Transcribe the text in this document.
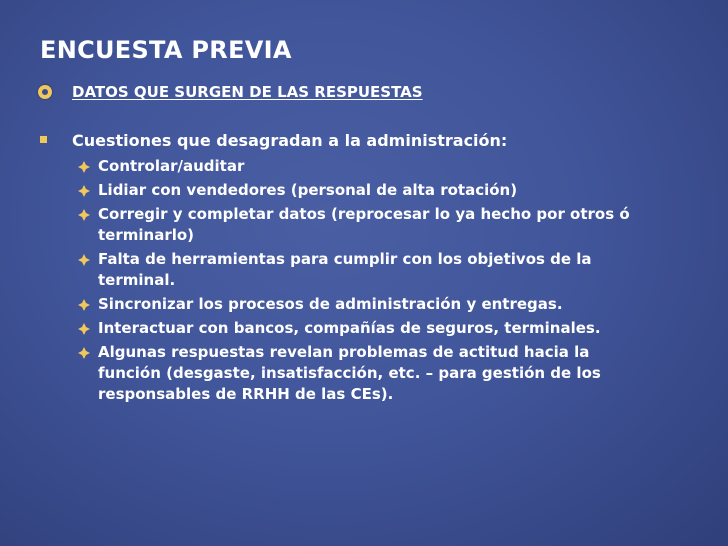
ENCUESTA PREVIA
DATOS QUE SURGEN DE LAS RESPUESTAS
Cuestiones que desagradan a la administración:
Controlar/auditar
Lidiar con vendedores (personal de alta rotación)
Corregir y completar datos (reprocesar lo ya hecho por otros ó terminarlo)
Falta de herramientas para cumplir con los objetivos de la terminal.
Sincronizar los procesos de administración y entregas.
Interactuar con bancos, compañías de seguros, terminales.
Algunas respuestas revelan problemas de actitud hacia la función (desgaste, insatisfacción, etc. – para gestión de los responsables de RRHH de las CEs).
